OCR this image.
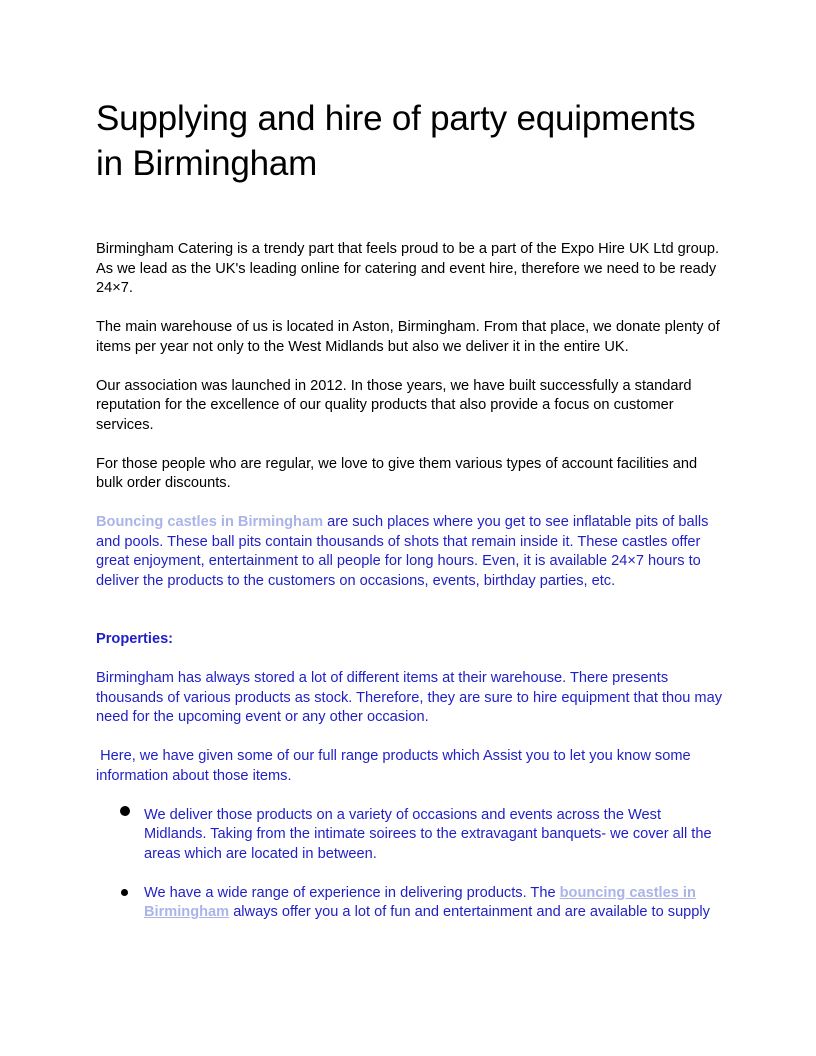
Supplying and hire of party equipments in Birmingham

Birmingham Catering is a trendy part that feels proud to be a part of the Expo Hire UK Ltd group.
As we lead as the UK's leading online for catering and event hire, therefore we need to be ready 24×7.

The main warehouse of us is located in Aston, Birmingham. From that place, we donate plenty of items per year not only to the West Midlands but also we deliver it in the entire UK.

Our association was launched in 2012. In those years, we have built successfully a standard reputation for the excellence of our quality products that also provide a focus on customer services.

For those people who are regular, we love to give them various types of account facilities and bulk order discounts.

Bouncing castles in Birmingham are such places where you get to see inflatable pits of balls and pools. These ball pits contain thousands of shots that remain inside it. These castles offer great enjoyment, entertainment to all people for long hours. Even, it is available 24×7 hours to deliver the products to the customers on occasions, events, birthday parties, etc.

Properties:

Birmingham has always stored a lot of different items at their warehouse. There presents thousands of various products as stock. Therefore, they are sure to hire equipment that thou may need for the upcoming event or any other occasion.

Here, we have given some of our full range products which Assist you to let you know some information about those items.

We deliver those products on a variety of occasions and events across the West Midlands. Taking from the intimate soirees to the extravagant banquets- we cover all the areas which are located in between.
We have a wide range of experience in delivering products. The bouncing castles in Birmingham always offer you a lot of fun and entertainment and are available to supply
